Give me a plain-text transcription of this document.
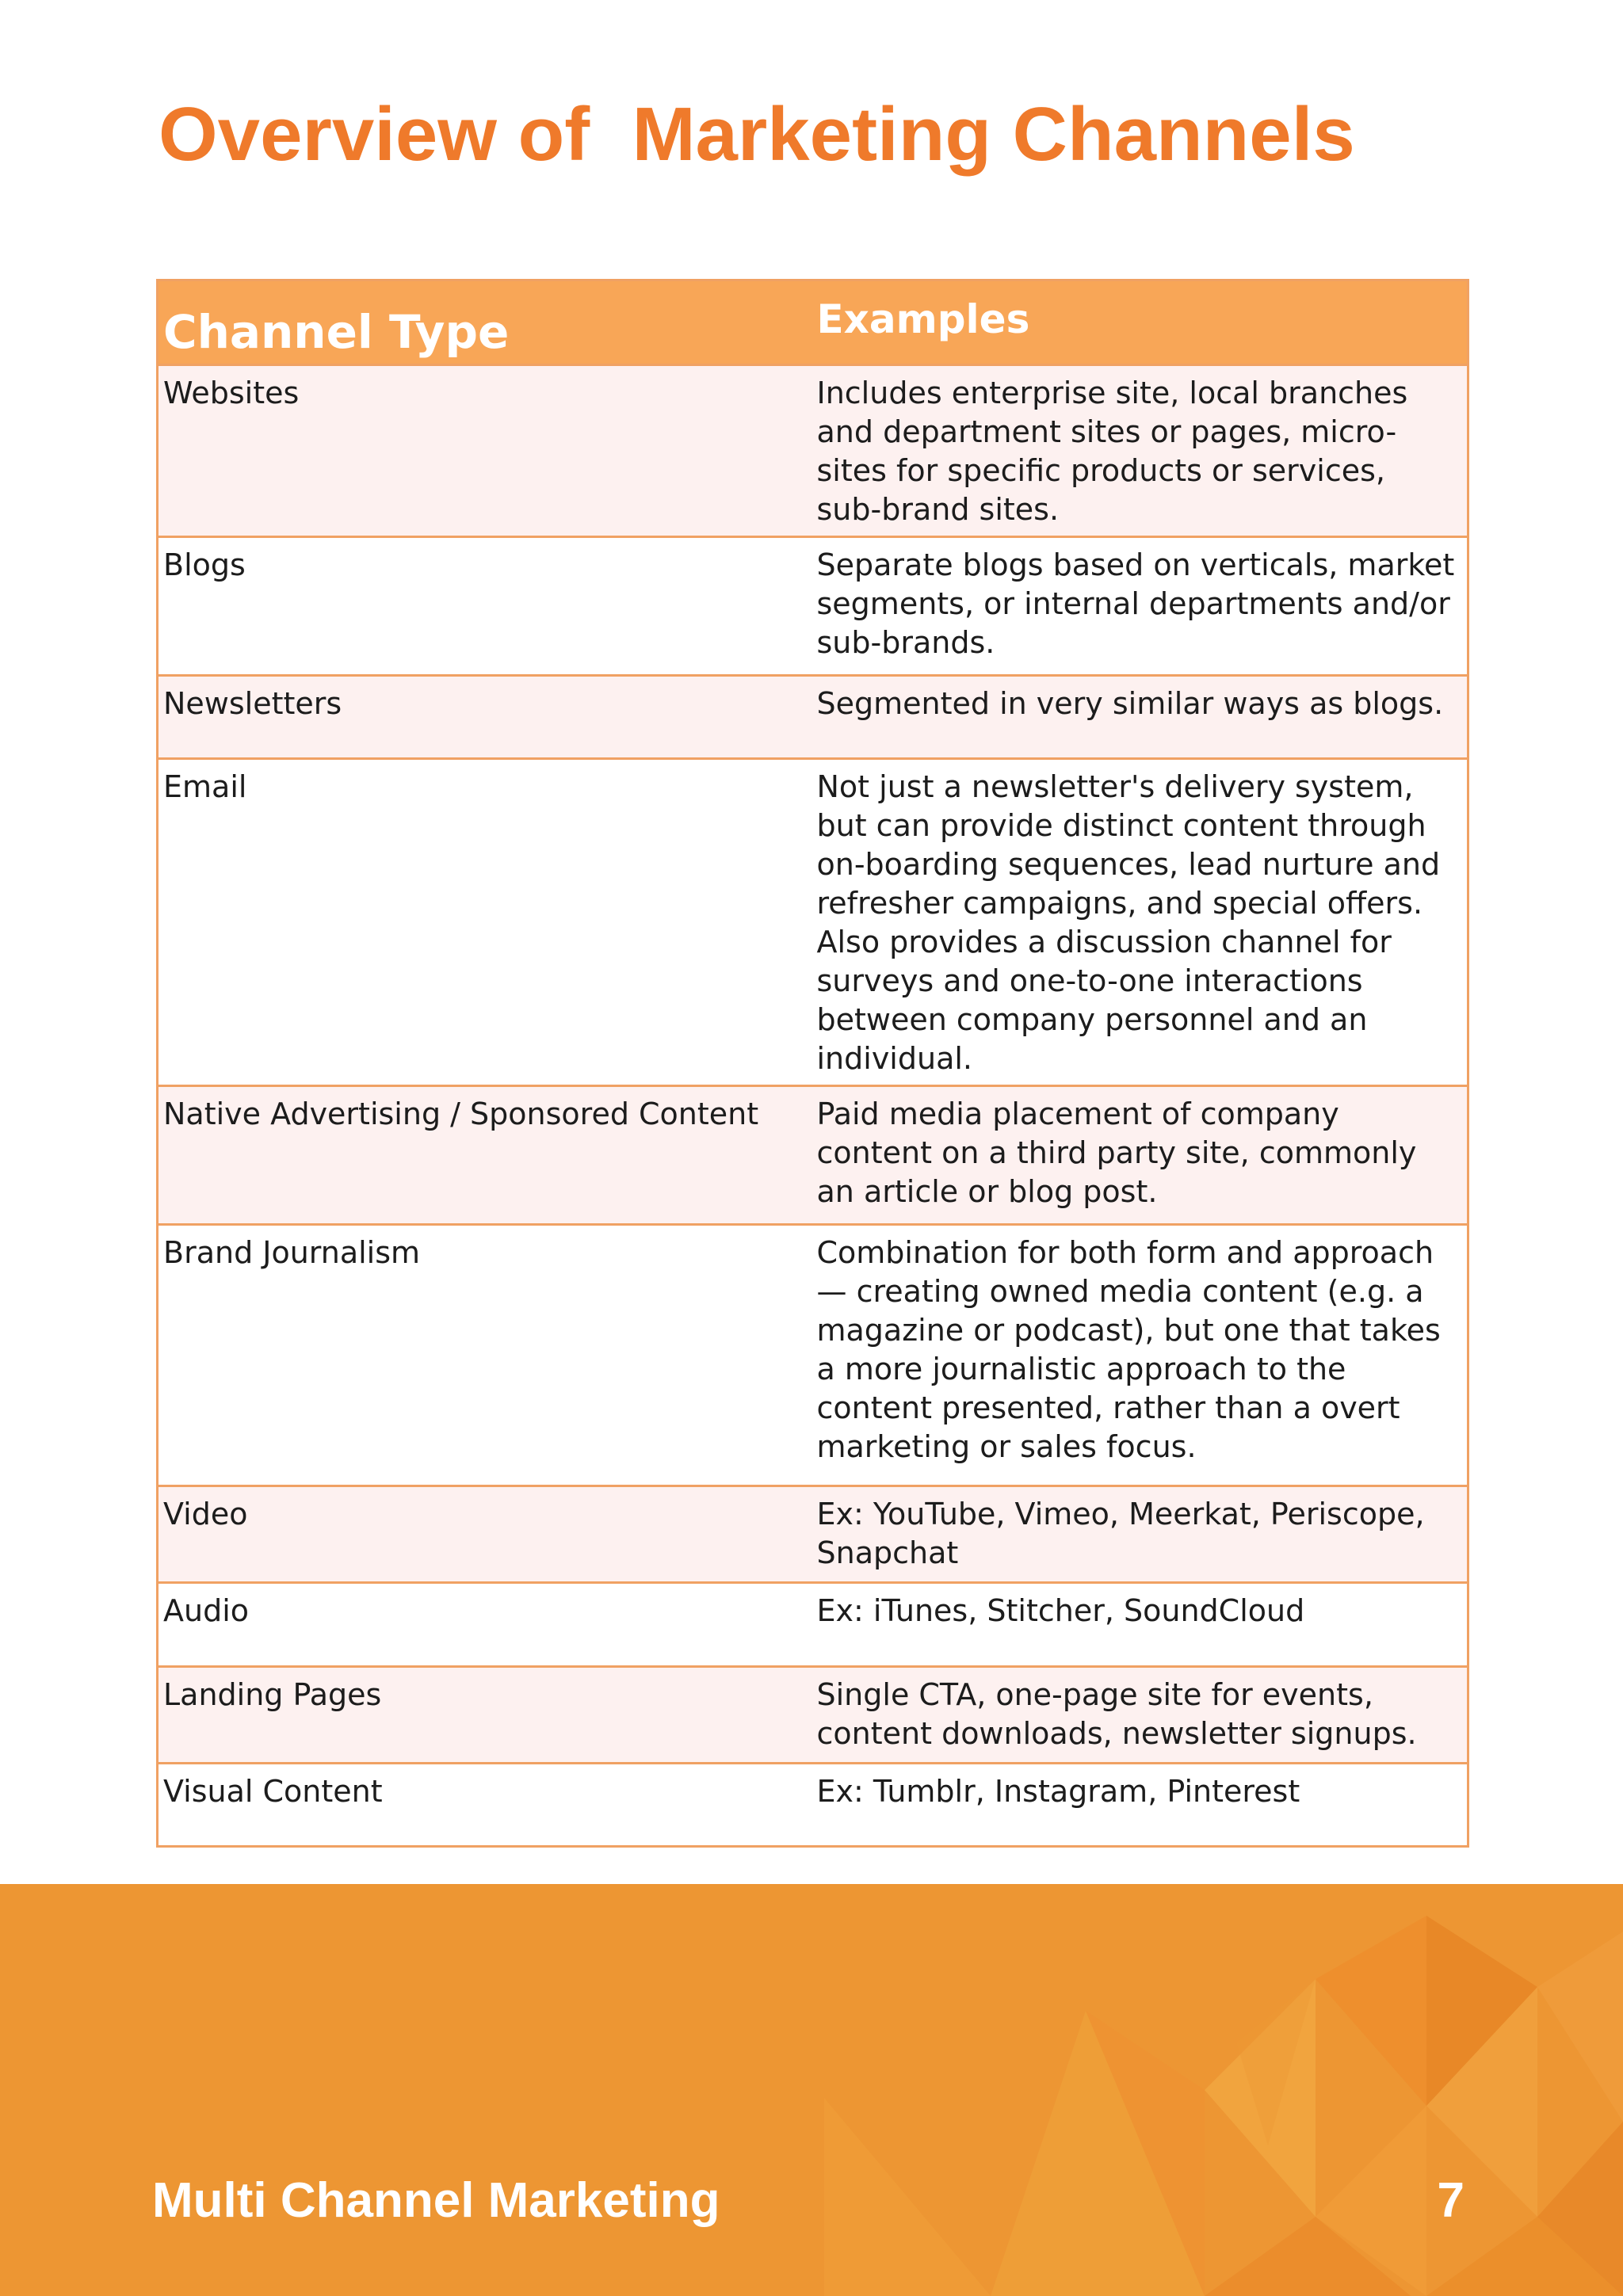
Overview of  Marketing Channels
Channel Type	Examples
Websites	Includes enterprise site, local branches and department sites or pages, micro-sites for specific products or services, sub-brand sites.
Blogs	Separate blogs based on verticals, market segments, or internal departments and/or sub-brands.
Newsletters	Segmented in very similar ways as blogs.
Email	Not just a newsletter's delivery system, but can provide distinct content through on-boarding sequences, lead nurture and refresher campaigns, and special offers. Also provides a discussion channel for surveys and one-to-one interactions between company personnel and an individual.
Native Advertising / Sponsored Content	Paid media placement of company content on a third party site, commonly an article or blog post.
Brand Journalism	Combination for both form and approach — creating owned media content (e.g. a magazine or podcast), but one that takes a more journalistic approach to the content presented, rather than a overt marketing or sales focus.
Video	Ex: YouTube, Vimeo, Meerkat, Periscope, Snapchat
Audio	Ex: iTunes, Stitcher, SoundCloud
Landing Pages	Single CTA, one-page site for events, content downloads, newsletter signups.
Visual Content	Ex: Tumblr, Instagram, Pinterest
Multi Channel Marketing	7
